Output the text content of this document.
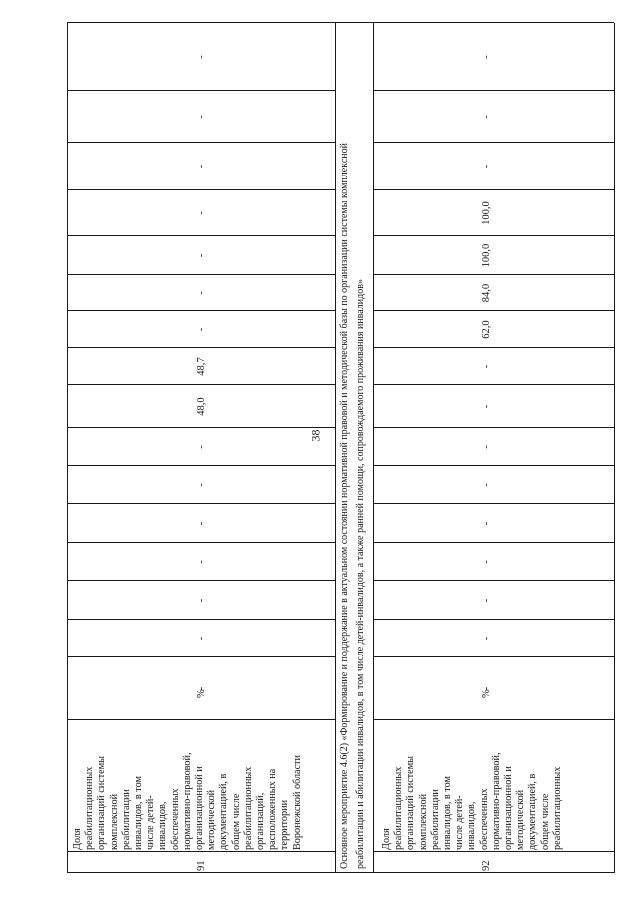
38
91
Доля
реабилитационных
организаций системы
комплексной
реабилитации
инвалидов, в том
числе детей-
инвалидов,
обеспеченных
нормативно-правовой,
организационной и
методической
документацией, в
общем числе
реабилитационных
организаций,
расположенных на
территории
Воронежской области
%
-
-
-
-
-
-
-
48,0
48,7
-
-
-
-
-
-
-
Основное мероприятие 4.6(2) «Формирование и поддержание в актуальном состоянии нормативной правовой и методической базы по организации системы комплексной реабилитации и абилитации инвалидов, в том числе детей-инвалидов, а также ранней помощи, сопровождаемого проживания инвалидов»	92
Доля
реабилитационных
организаций системы
комплексной
реабилитации
инвалидов, в том
числе детей-
инвалидов,
обеспеченных
нормативно-правовой,
организационной и
методической
документацией, в
общем числе
реабилитационных
%
-
-
-
-
-
-
-
-
-
62,0
84,0
100,0
100,0
-
-
-
